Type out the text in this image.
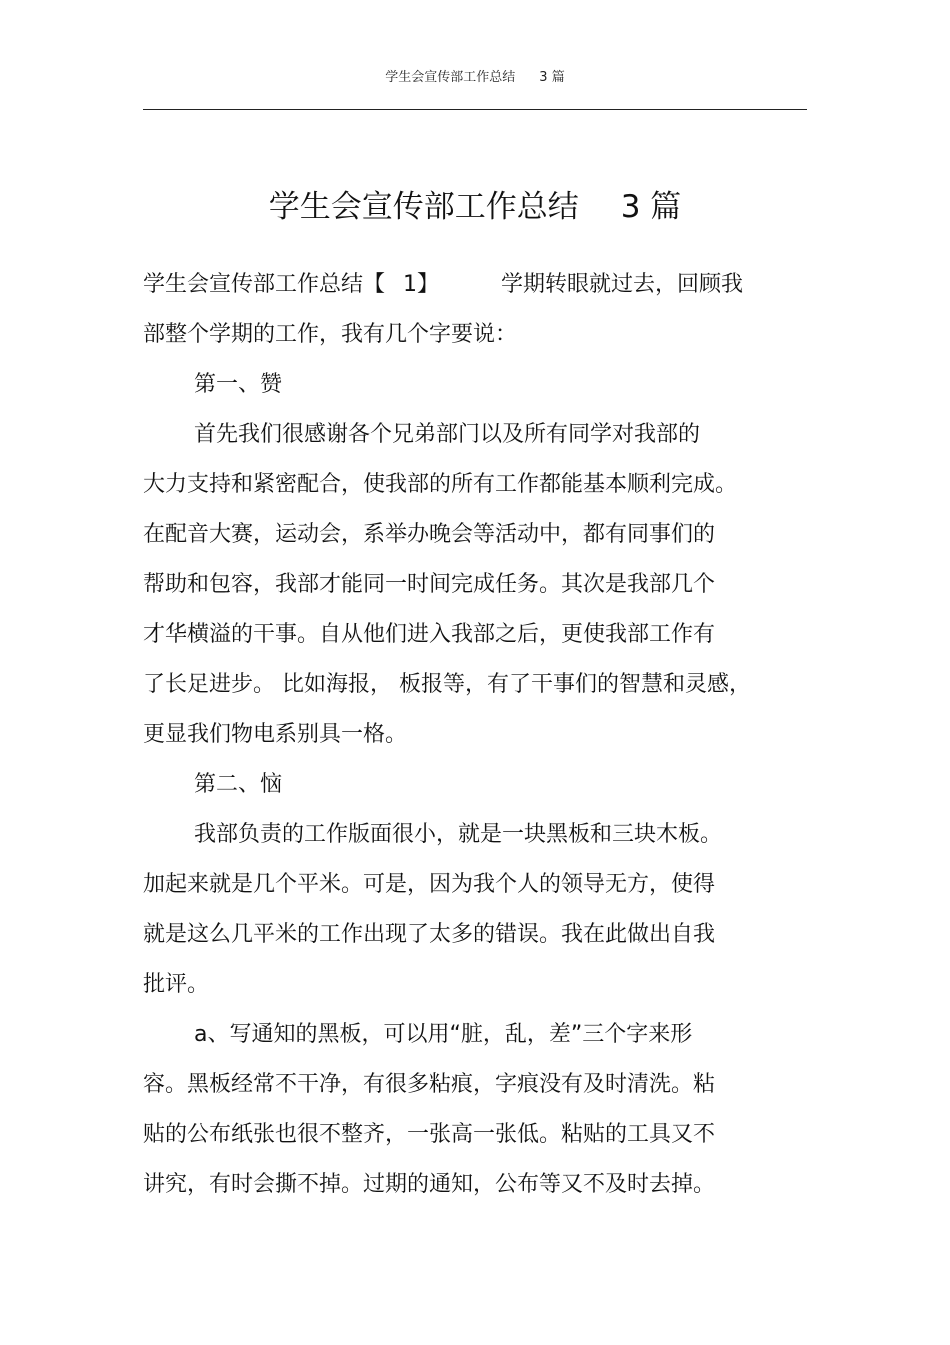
学生会宣传部工作总结 3 篇
学生会宣传部工作总结 3 篇
学生会宣传部工作总结【 1】	学期转眼就过去，回顾我
部整个学期的工作，我有几个字要说：
第一、赞
首先我们很感谢各个兄弟部门以及所有同学对我部的
大力支持和紧密配合，使我部的所有工作都能基本顺利完成。
在配音大赛，运动会，系举办晚会等活动中，都有同事们的
帮助和包容，我部才能同一时间完成任务。其次是我部几个
才华横溢的干事。自从他们进入我部之后，更使我部工作有
了长足进步。 比如海报， 板报等，有了干事们的智慧和灵感，
更显我们物电系别具一格。
第二、恼
我部负责的工作版面很小，就是一块黑板和三块木板。
加起来就是几个平米。可是，因为我个人的领导无方，使得
就是这么几平米的工作出现了太多的错误。我在此做出自我
批评。
a、写通知的黑板，可以用“脏，乱，差”三个字来形
容。黑板经常不干净，有很多粘痕，字痕没有及时清洗。粘
贴的公布纸张也很不整齐，一张高一张低。粘贴的工具又不
讲究，有时会撕不掉。过期的通知，公布等又不及时去掉。
